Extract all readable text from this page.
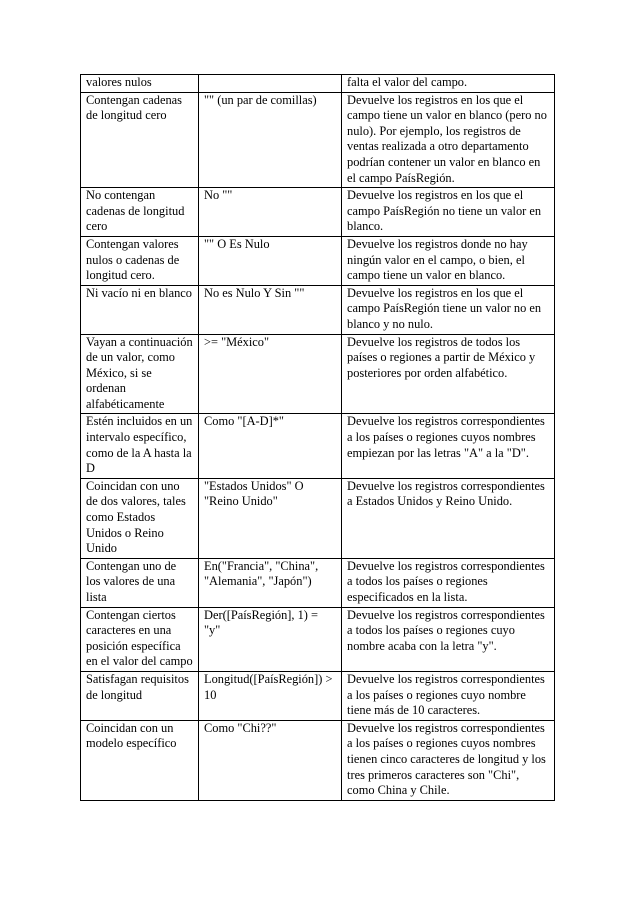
valores nulos		falta el valor del campo.
Contengan cadenas de longitud cero	"" (un par de comillas)	Devuelve los registros en los que el campo tiene un valor en blanco (pero no nulo). Por ejemplo, los registros de ventas realizada a otro departamento podrían contener un valor en blanco en el campo PaísRegión.
No contengan cadenas de longitud cero	No ""	Devuelve los registros en los que el campo PaísRegión no tiene un valor en blanco.
Contengan valores nulos o cadenas de longitud cero.	"" O Es Nulo	Devuelve los registros donde no hay ningún valor en el campo, o bien, el campo tiene un valor en blanco.
Ni vacío ni en blanco	No es Nulo Y Sin ""	Devuelve los registros en los que el campo PaísRegión tiene un valor no en blanco y no nulo.
Vayan a continuación de un valor, como México, si se ordenan alfabéticamente	>= "México"	Devuelve los registros de todos los países o regiones a partir de México y posteriores por orden alfabético.
Estén incluidos en un intervalo específico, como de la A hasta la D	Como "[A-D]*"	Devuelve los registros correspondientes a los países o regiones cuyos nombres empiezan por las letras "A" a la "D".
Coincidan con uno de dos valores, tales como Estados Unidos o Reino Unido	"Estados Unidos" O "Reino Unido"	Devuelve los registros correspondientes a Estados Unidos y Reino Unido.
Contengan uno de los valores de una lista	En("Francia", "China", "Alemania", "Japón")	Devuelve los registros correspondientes a todos los países o regiones especificados en la lista.
Contengan ciertos caracteres en una posición específica en el valor del campo	Der([PaísRegión], 1) = "y"	Devuelve los registros correspondientes a todos los países o regiones cuyo nombre acaba con la letra "y".
Satisfagan requisitos de longitud	Longitud([PaísRegión]) > 10	Devuelve los registros correspondientes a los países o regiones cuyo nombre tiene más de 10 caracteres.
Coincidan con un modelo específico	Como "Chi??"	Devuelve los registros correspondientes a los países o regiones cuyos nombres tienen cinco caracteres de longitud y los tres primeros caracteres son "Chi", como China y Chile.
